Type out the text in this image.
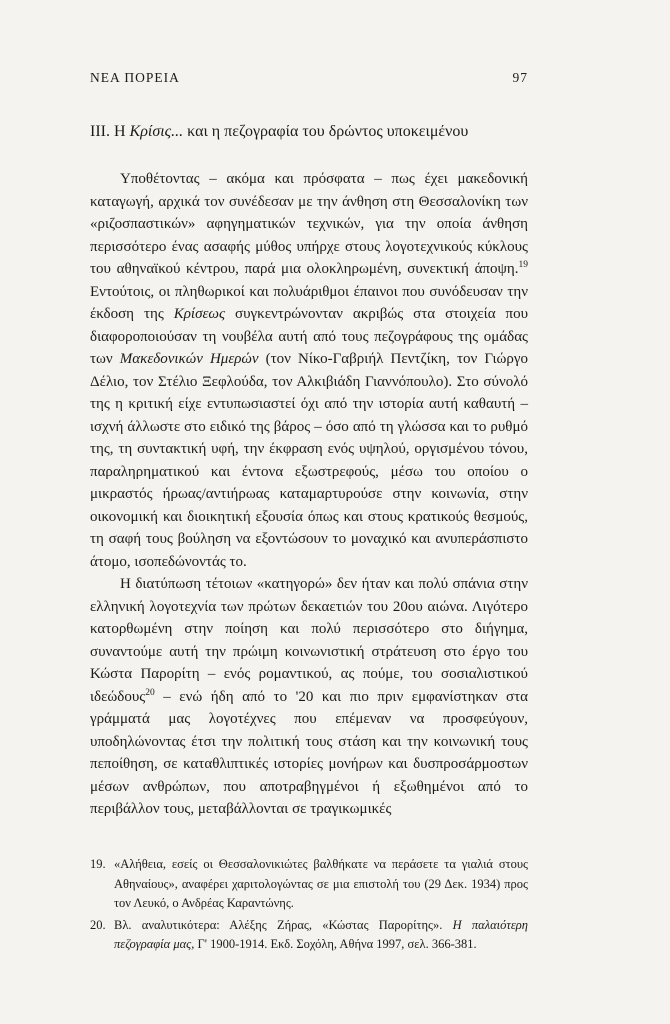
ΝΕΑ ΠΟΡΕΙΑ	97
III. Η Κρίσις... και η πεζογραφία του δρώντος υποκειμένου

Υποθέτοντας – ακόμα και πρόσφατα – πως έχει μακεδονική καταγωγή, αρχικά τον συνέδεσαν με την άνθηση στη Θεσσαλονίκη των «ριζοσπαστικών» αφηγηματικών τεχνικών, για την οποία άνθηση περισσότερο ένας ασαφής μύθος υπήρχε στους λογοτεχνικούς κύκλους του αθηναϊκού κέντρου, παρά μια ολοκληρωμένη, συνεκτική άποψη.$^{19}$ Εντούτοις, οι πληθωρικοί και πολυάριθμοι έπαινοι που συνόδευσαν την έκδοση της Κρίσεως συγκεντρώνονταν ακριβώς στα στοιχεία που διαφοροποιούσαν τη νουβέλα αυτή από τους πεζογράφους της ομάδας των Μακεδονικών Ημερών (τον Νίκο-Γαβριήλ Πεντζίκη, τον Γιώργο Δέλιο, τον Στέλιο Ξεφλούδα, τον Αλκιβιάδη Γιαννόπουλο). Στο σύνολό της η κριτική είχε εντυπωσιαστεί όχι από την ιστορία αυτή καθαυτή – ισχνή άλλωστε στο ειδικό της βάρος – όσο από τη γλώσσα και το ρυθμό της, τη συντακτική υφή, την έκφραση ενός υψηλού, οργισμένου τόνου, παραληρηματικού και έντονα εξωστρεφούς, μέσω του οποίου ο μικραστός ήρωας/αντιήρωας καταμαρτυρούσε στην κοινωνία, στην οικονομική και διοικητική εξουσία όπως και στους κρατικούς θεσμούς, τη σαφή τους βούληση να εξοντώσουν το μοναχικό και ανυπεράσπιστο άτομο, ισοπεδώνοντάς το.

Η διατύπωση τέτοιων «κατηγορώ» δεν ήταν και πολύ σπάνια στην ελληνική λογοτεχνία των πρώτων δεκαετιών του 20ου αιώνα. Λιγότερο κατορθωμένη στην ποίηση και πολύ περισσότερο στο διήγημα, συναντούμε αυτή την πρώιμη κοινωνιστική στράτευση στο έργο του Κώστα Παρορίτη – ενός ρομαντικού, ας πούμε, του σοσιαλιστικού ιδεώδους$^{20}$ – ενώ ήδη από το '20 και πιο πριν εμφανίστηκαν στα γράμματά μας λογοτέχνες που επέμεναν να προσφεύγουν, υποδηλώνοντας έτσι την πολιτική τους στάση και την κοινωνική τους πεποίθηση, σε καταθλιπτικές ιστορίες μονήρων και δυσπροσάρμοστων μέσων ανθρώπων, που αποτραβηγμένοι ή εξωθημένοι από το περιβάλλον τους, μεταβάλλονται σε τραγικωμικές

19. «Αλήθεια, εσείς οι Θεσσαλονικιώτες βαλθήκατε να περάσετε τα γιαλιά στους Αθηναίους», αναφέρει χαριτολογώντας σε μια επιστολή του (29 Δεκ. 1934) προς τον Λευκό, ο Ανδρέας Καραντώνης.
20. Βλ. αναλυτικότερα: Αλέξης Ζήρας, «Κώστας Παρορίτης». Η παλαιότερη πεζογραφία μας, Γ' 1900-1914. Εκδ. Σοχόλη, Αθήνα 1997, σελ. 366-381.
